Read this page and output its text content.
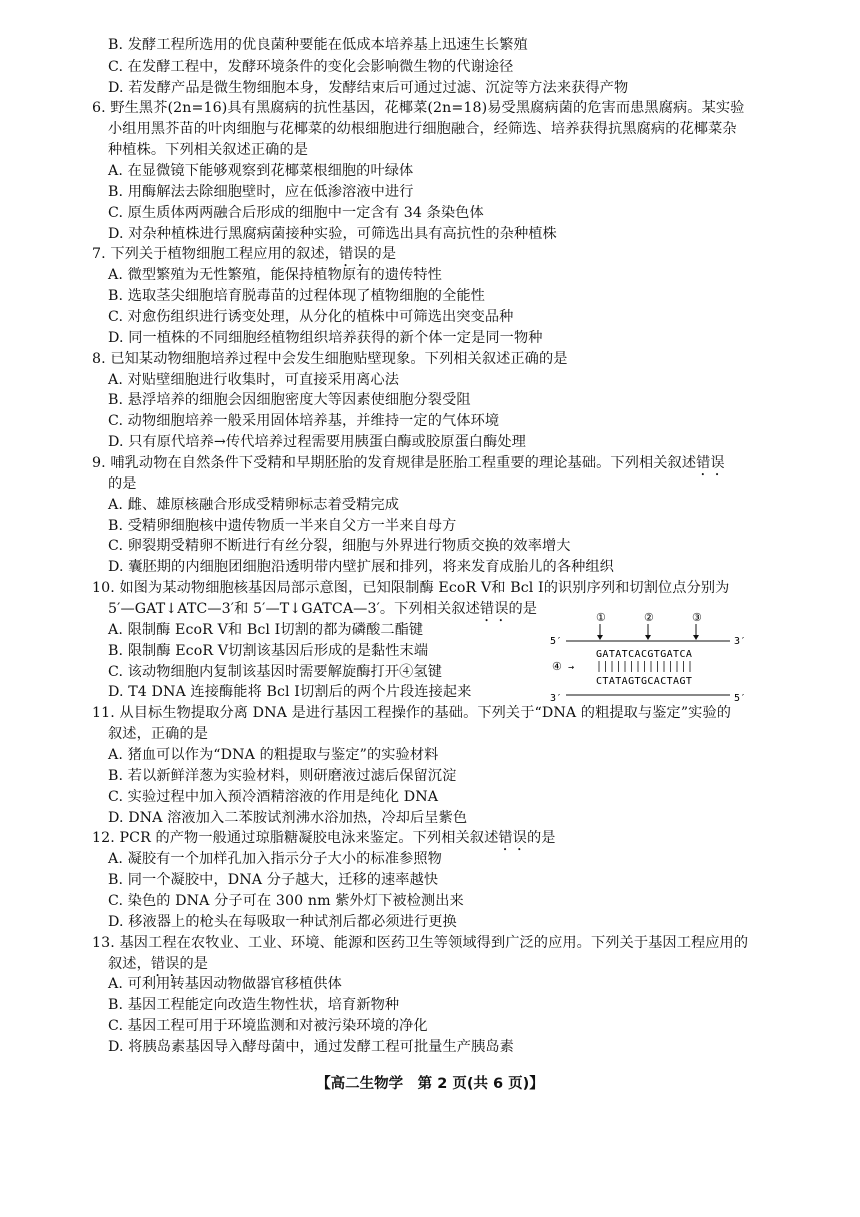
B. 发酵工程所选用的优良菌种要能在低成本培养基上迅速生长繁殖
C. 在发酵工程中，发酵环境条件的变化会影响微生物的代谢途径
D. 若发酵产品是微生物细胞本身，发酵结束后可通过过滤、沉淀等方法来获得产物
6. 野生黑芥(2n=16)具有黑腐病的抗性基因，花椰菜(2n=18)易受黑腐病菌的危害而患黑腐病。某实验
小组用黑芥苗的叶肉细胞与花椰菜的幼根细胞进行细胞融合，经筛选、培养获得抗黑腐病的花椰菜杂
种植株。下列相关叙述正确的是
A. 在显微镜下能够观察到花椰菜根细胞的叶绿体
B. 用酶解法去除细胞壁时，应在低渗溶液中进行
C. 原生质体两两融合后形成的细胞中一定含有 34 条染色体
D. 对杂种植株进行黑腐病菌接种实验，可筛选出具有高抗性的杂种植株
7. 下列关于植物细胞工程应用的叙述，错误的是
A. 微型繁殖为无性繁殖，能保持植物原有的遗传特性
B. 选取茎尖细胞培育脱毒苗的过程体现了植物细胞的全能性
C. 对愈伤组织进行诱变处理，从分化的植株中可筛选出突变品种
D. 同一植株的不同细胞经植物组织培养获得的新个体一定是同一物种
8. 已知某动物细胞培养过程中会发生细胞贴壁现象。下列相关叙述正确的是
A. 对贴壁细胞进行收集时，可直接采用离心法
B. 悬浮培养的细胞会因细胞密度大等因素使细胞分裂受阻
C. 动物细胞培养一般采用固体培养基，并维持一定的气体环境
D. 只有原代培养→传代培养过程需要用胰蛋白酶或胶原蛋白酶处理
9. 哺乳动物在自然条件下受精和早期胚胎的发育规律是胚胎工程重要的理论基础。下列相关叙述错误
的是
A. 雌、雄原核融合形成受精卵标志着受精完成
B. 受精卵细胞核中遗传物质一半来自父方一半来自母方
C. 卵裂期受精卵不断进行有丝分裂，细胞与外界进行物质交换的效率增大
D. 囊胚期的内细胞团细胞沿透明带内壁扩展和排列，将来发育成胎儿的各种组织
10. 如图为某动物细胞核基因局部示意图，已知限制酶 EcoR Ⅴ和 Bcl Ⅰ的识别序列和切割位点分别为
5′—GAT↓ATC—3′和 5′—T↓GATCA—3′。下列相关叙述错误的是
A. 限制酶 EcoR Ⅴ和 Bcl Ⅰ切割的都为磷酸二酯键
B. 限制酶 EcoR Ⅴ切割该基因后形成的是黏性末端
C. 该动物细胞内复制该基因时需要解旋酶打开④氢键
D. T4 DNA 连接酶能将 Bcl Ⅰ切割后的两个片段连接起来
①	②	③
5′	3′
GATATCACGTGATCA
④ →
CTATAGTGCACTAGT
3′	5′
11. 从目标生物提取分离 DNA 是进行基因工程操作的基础。下列关于“DNA 的粗提取与鉴定”实验的
叙述，正确的是
A. 猪血可以作为“DNA 的粗提取与鉴定”的实验材料
B. 若以新鲜洋葱为实验材料，则研磨液过滤后保留沉淀
C. 实验过程中加入预冷酒精溶液的作用是纯化 DNA
D. DNA 溶液加入二苯胺试剂沸水浴加热，冷却后呈紫色
12. PCR 的产物一般通过琼脂糖凝胶电泳来鉴定。下列相关叙述错误的是
A. 凝胶有一个加样孔加入指示分子大小的标准参照物
B. 同一个凝胶中，DNA 分子越大，迁移的速率越快
C. 染色的 DNA 分子可在 300 nm 紫外灯下被检测出来
D. 移液器上的枪头在每吸取一种试剂后都必须进行更换
13. 基因工程在农牧业、工业、环境、能源和医药卫生等领域得到广泛的应用。下列关于基因工程应用的
叙述，错误的是
A. 可利用转基因动物做器官移植供体
B. 基因工程能定向改造生物性状，培育新物种
C. 基因工程可用于环境监测和对被污染环境的净化
D. 将胰岛素基因导入酵母菌中，通过发酵工程可批量生产胰岛素
【高二生物学　第 2 页(共 6 页)】
